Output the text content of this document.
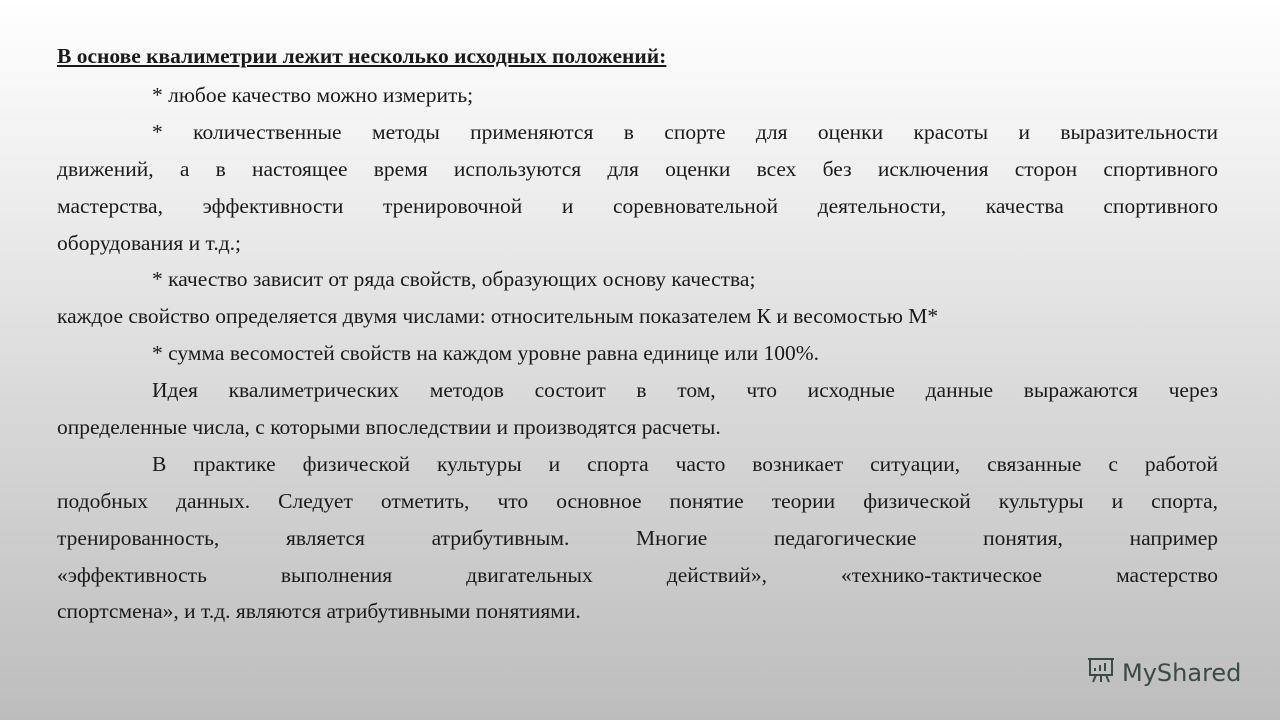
В основе квалиметрии лежит несколько исходных положений:
* любое качество можно измерить;
* количественные методы применяются в спорте для оценки красоты и выразительности
движений, а в настоящее время используются для оценки всех без исключения сторон спортивного
мастерства, эффективности тренировочной и соревновательной деятельности, качества спортивного
оборудования и т.д.;
* качество зависит от ряда свойств, образующих основу качества;
каждое свойство определяется двумя числами: относительным показателем К и весомостью М*
* сумма весомостей свойств на каждом уровне равна единице или 100%.
Идея квалиметрических методов состоит в том, что исходные данные выражаются через
определенные числа, с которыми впоследствии и производятся расчеты.
В практике физической культуры и спорта часто возникает ситуации, связанные с работой
подобных данных. Следует отметить, что основное понятие теории физической культуры и спорта,
тренированность, является атрибутивным. Многие педагогические понятия, например
«эффективность выполнения двигательных действий», «технико-тактическое мастерство
спортсмена», и т.д. являются атрибутивными понятиями.
MyShared
